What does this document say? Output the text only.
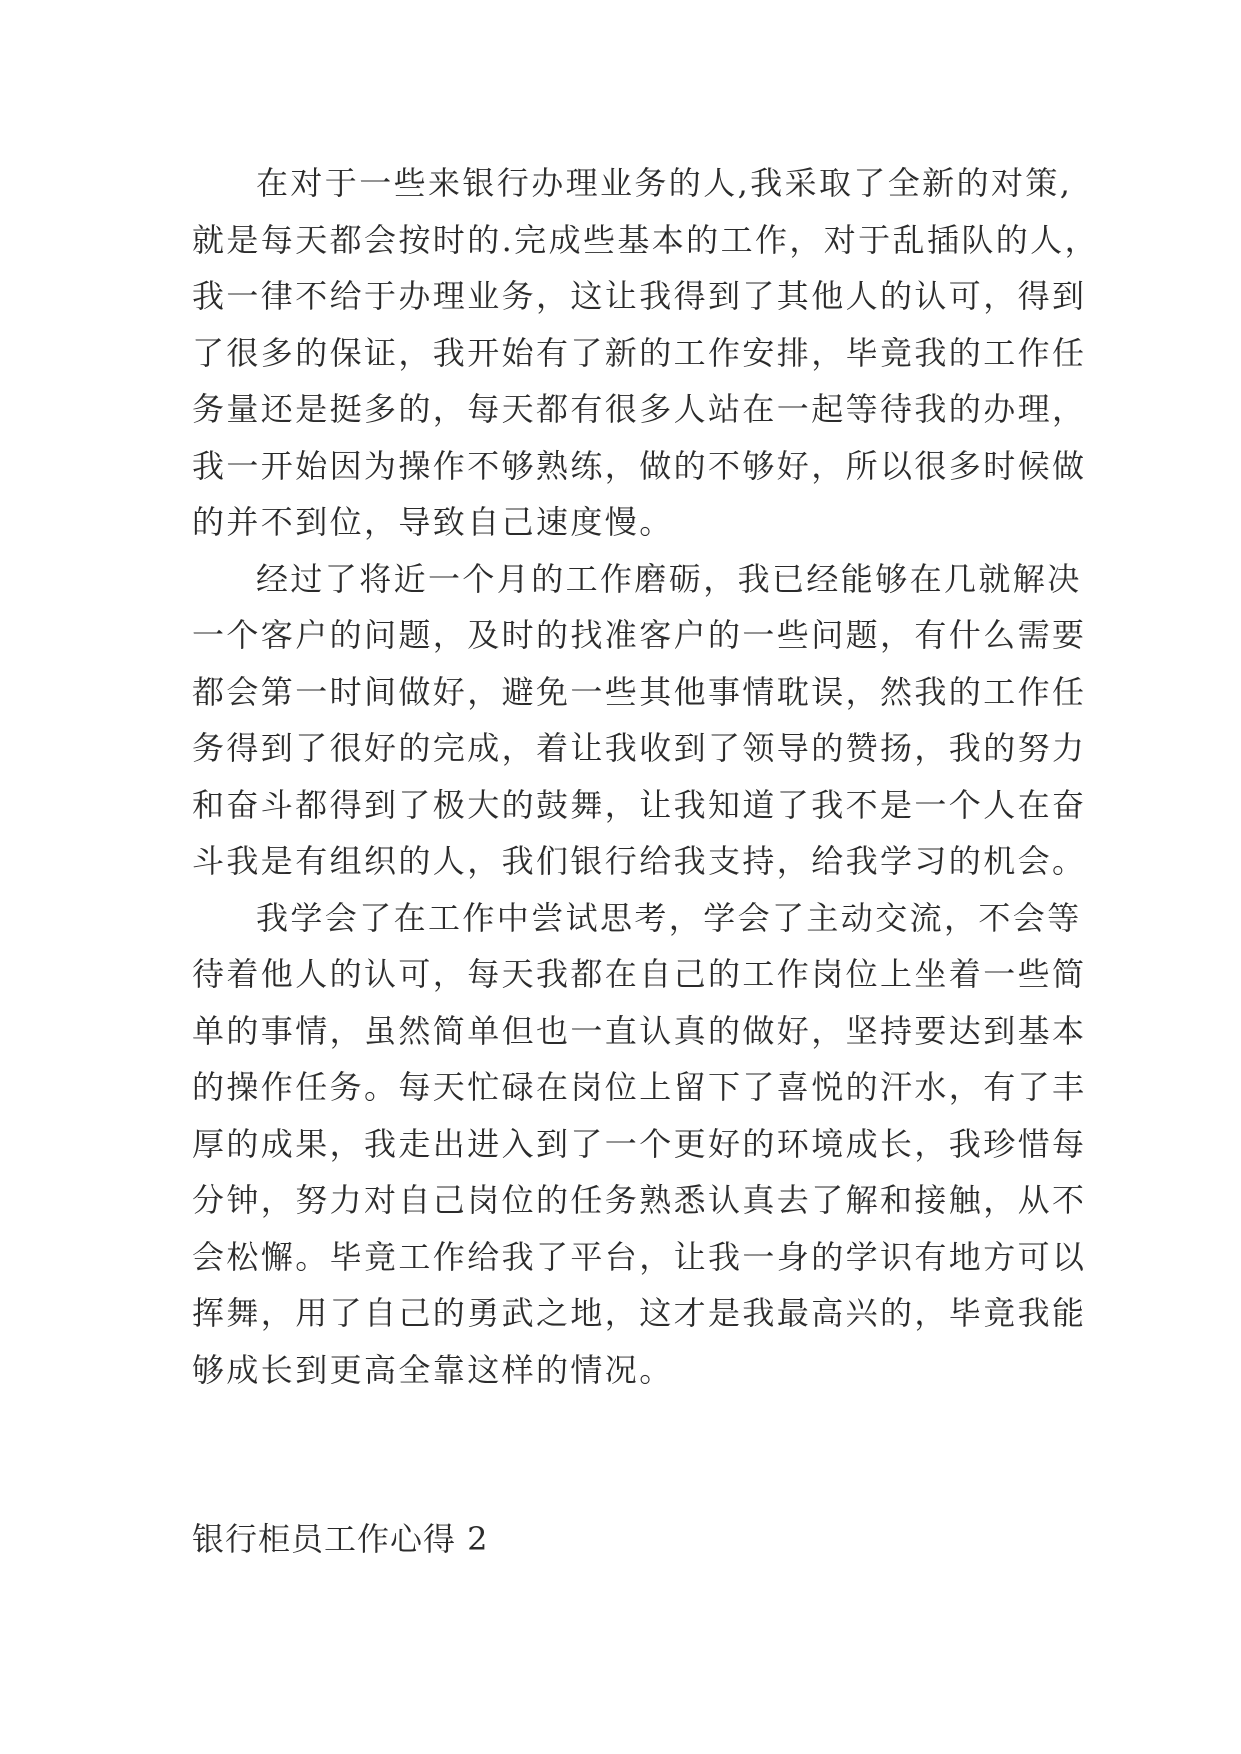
在对于一些来银行办理业务的人,我采取了全新的对策,
就是每天都会按时的.完成些基本的工作，对于乱插队的人，
我一律不给于办理业务，这让我得到了其他人的认可，得到
了很多的保证，我开始有了新的工作安排，毕竟我的工作任
务量还是挺多的，每天都有很多人站在一起等待我的办理，
我一开始因为操作不够熟练，做的不够好，所以很多时候做
的并不到位，导致自己速度慢。
经过了将近一个月的工作磨砺，我已经能够在几就解决
一个客户的问题，及时的找准客户的一些问题，有什么需要
都会第一时间做好，避免一些其他事情耽误，然我的工作任
务得到了很好的完成，着让我收到了领导的赞扬，我的努力
和奋斗都得到了极大的鼓舞，让我知道了我不是一个人在奋
斗我是有组织的人，我们银行给我支持，给我学习的机会。
我学会了在工作中尝试思考，学会了主动交流，不会等
待着他人的认可，每天我都在自己的工作岗位上坐着一些简
单的事情，虽然简单但也一直认真的做好，坚持要达到基本
的操作任务。每天忙碌在岗位上留下了喜悦的汗水，有了丰
厚的成果，我走出进入到了一个更好的环境成长，我珍惜每
分钟，努力对自己岗位的任务熟悉认真去了解和接触，从不
会松懈。毕竟工作给我了平台，让我一身的学识有地方可以
挥舞，用了自己的勇武之地，这才是我最高兴的，毕竟我能
够成长到更高全靠这样的情况。
银行柜员工作心得 2
